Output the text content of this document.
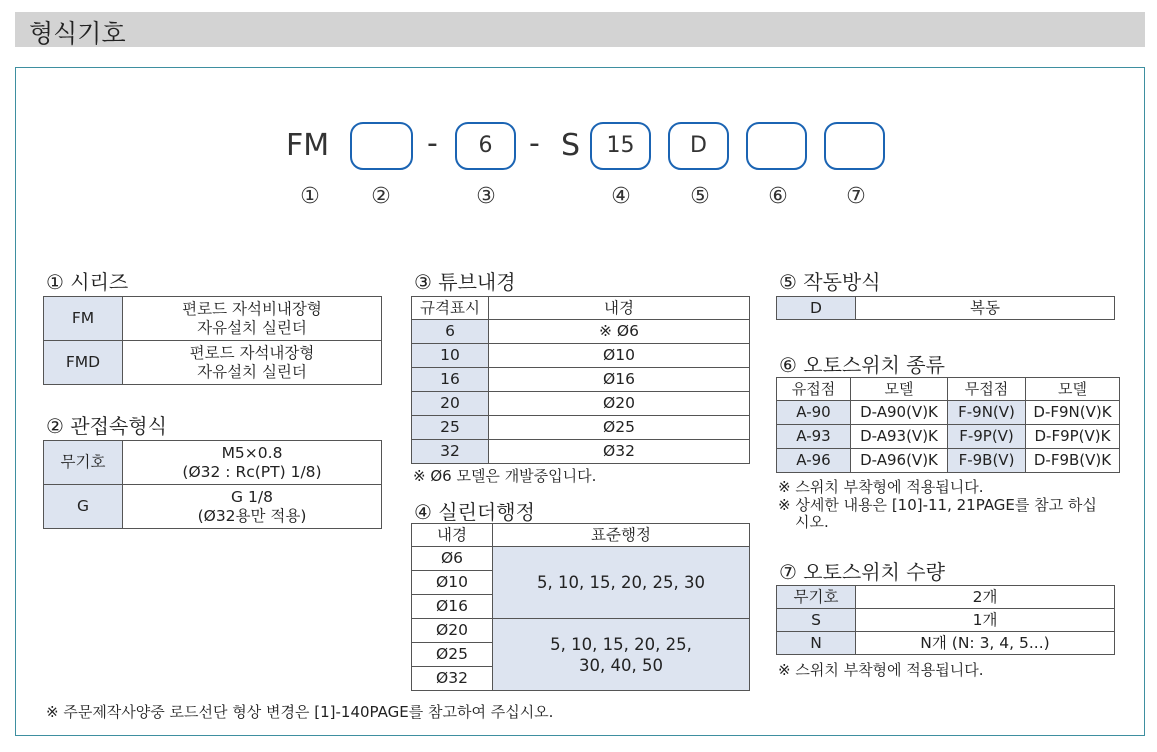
형식기호
FM	-	6	- S	15	D
① ②	③	④	⑤	⑥	⑦
① 시리즈
FM	편로드 자석비내장형
자유설치 실린더

FMD	편로드 자석내장형
자유설치 실린더
② 관접속형식
무기호	M5×0.8
(Ø32 : Rc(PT) 1/8)

G	G 1/8
(Ø32용만 적용)
③ 튜브내경
규격표시	내경
6	※ Ø6
10	Ø10
16	Ø16
20	Ø20
25	Ø25
32	Ø32
※ Ø6 모델은 개발중입니다.
④ 실린더행정
내경	표준행정
Ø6	5, 10, 15, 20, 25, 30
Ø10	
Ø16	
Ø20	5, 10, 15, 20, 25,
30, 40, 50

Ø25	
Ø32	
⑤ 작동방식
D	복동
⑥ 오토스위치 종류
유접점	모델	무접점	모델
A-90	D-A90(V)K	F-9N(V)	D-F9N(V)K
A-93	D-A93(V)K	F-9P(V)	D-F9P(V)K
A-96	D-A96(V)K	F-9B(V)	D-F9B(V)K
※ 스위치 부착형에 적용됩니다.
※ 상세한 내용은 [10]-11, 21PAGE를 참고 하십
시오.
⑦ 오토스위치 수량
무기호	2개
S	1개
N	N개 (N: 3, 4, 5...)
※ 스위치 부착형에 적용됩니다.
※ 주문제작사양중 로드선단 형상 변경은 [1]-140PAGE를 참고하여 주십시오.
